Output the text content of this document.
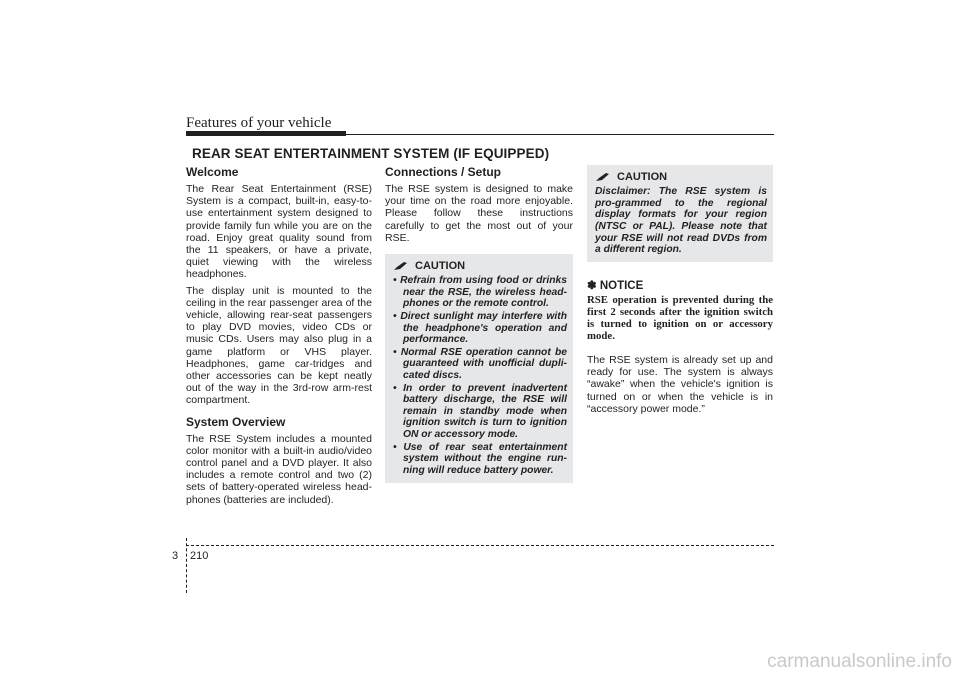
Features of your vehicle
REAR SEAT ENTERTAINMENT SYSTEM (IF EQUIPPED)
Welcome

The Rear Seat Entertainment (RSE) System is a compact, built-in, easy-to-use entertainment system designed to provide family fun while you are on the road. Enjoy great quality sound from the 11 speakers, or have a private, quiet viewing with the wireless headphones.

The display unit is mounted to the ceiling in the rear passenger area of the vehicle, allowing rear-seat passengers to play DVD movies, video CDs or music CDs. Users may also plug in a game platform or VHS player. Headphones, game car-tridges and other accessories can be kept neatly out of the way in the 3rd-row arm-rest compartment.

System Overview

The RSE System includes a mounted color monitor with a built-in audio/video control panel and a DVD player. It also includes a remote control and two (2) sets of battery-operated wireless head-phones (batteries are included).

Connections / Setup

The RSE system is designed to make your time on the road more enjoyable. Please follow these instructions carefully to get the most out of your RSE.

CAUTION
• Refrain from using food or drinks near the RSE, the wireless head-phones or the remote control.
• Direct sunlight may interfere with the headphone's operation and performance.
• Normal RSE operation cannot be guaranteed with unofficial dupli-cated discs.
• In order to prevent inadvertent battery discharge, the RSE will remain in standby mode when ignition switch is turn to ignition ON or accessory mode.
• Use of rear seat entertainment system without the engine run-ning will reduce battery power.
CAUTION

Disclaimer: The RSE system is pro-grammed to the regional display formats for your region (NTSC or PAL). Please note that your RSE will not read DVDs from a different region.

✽ NOTICE

RSE operation is prevented during the first 2 seconds after the ignition switch is turned to ignition on or accessory mode.

The RSE system is already set up and ready for use. The system is always “awake” when the vehicle's ignition is turned on or when the vehicle is in “accessory power mode.”

3 210
carmanualsonline.info
